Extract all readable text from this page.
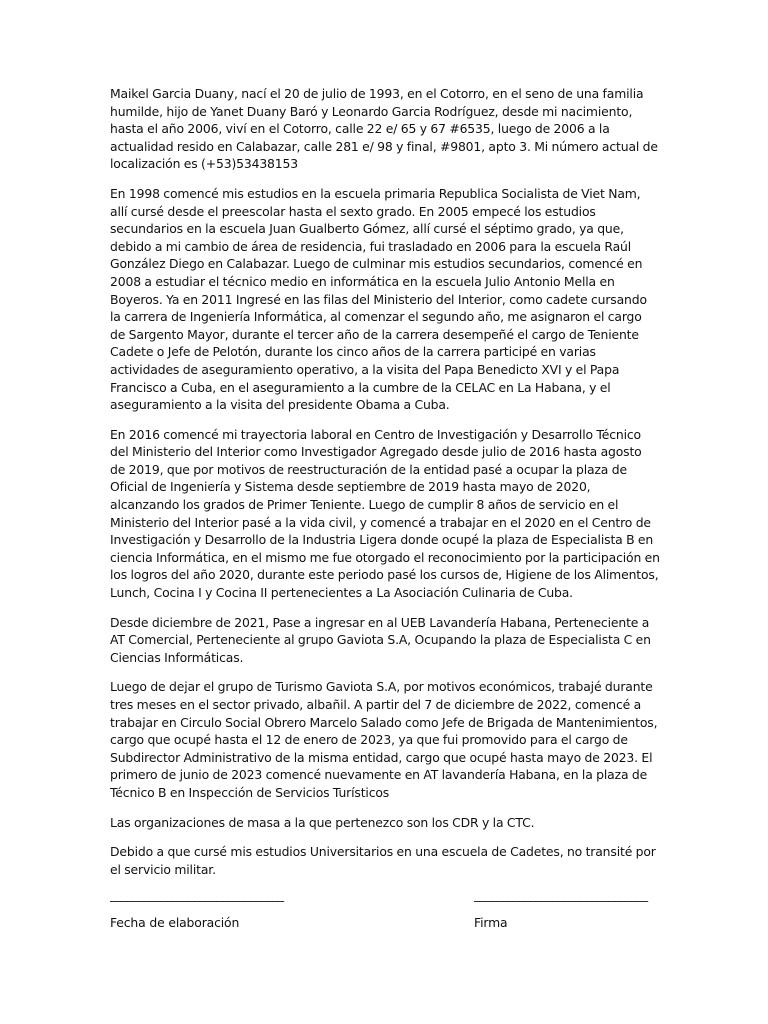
Maikel Garcia Duany, nací el 20 de julio de 1993, en el Cotorro, en el seno de una familia humilde, hijo de Yanet Duany Baró y Leonardo Garcia Rodríguez, desde mi nacimiento, hasta el año 2006, viví en el Cotorro, calle 22 e/ 65 y 67 #6535, luego de 2006 a la actualidad resido en Calabazar, calle 281 e/ 98 y final, #9801, apto 3. Mi número actual de localización es (+53)53438153

En 1998 comencé mis estudios en la escuela primaria Republica Socialista de Viet Nam, allí cursé desde el preescolar hasta el sexto grado. En 2005 empecé los estudios secundarios en la escuela Juan Gualberto Gómez, allí cursé el séptimo grado, ya que, debido a mi cambio de área de residencia, fui trasladado en 2006 para la escuela Raúl González Diego en Calabazar. Luego de culminar mis estudios secundarios, comencé en 2008 a estudiar el técnico medio en informática en la escuela Julio Antonio Mella en Boyeros. Ya en 2011 Ingresé en las filas del Ministerio del Interior, como cadete cursando la carrera de Ingeniería Informática, al comenzar el segundo año, me asignaron el cargo de Sargento Mayor, durante el tercer año de la carrera desempeñé el cargo de Teniente Cadete o Jefe de Pelotón, durante los cinco años de la carrera participé en varias actividades de aseguramiento operativo, a la visita del Papa Benedicto XVI y el Papa Francisco a Cuba, en el aseguramiento a la cumbre de la CELAC en La Habana, y el aseguramiento a la visita del presidente Obama a Cuba.

En 2016 comencé mi trayectoria laboral en Centro de Investigación y Desarrollo Técnico del Ministerio del Interior como Investigador Agregado desde julio de 2016 hasta agosto de 2019, que por motivos de reestructuración de la entidad pasé a ocupar la plaza de Oficial de Ingeniería y Sistema desde septiembre de 2019 hasta mayo de 2020, alcanzando los grados de Primer Teniente. Luego de cumplir 8 años de servicio en el Ministerio del Interior pasé a la vida civil, y comencé a trabajar en el 2020 en el Centro de Investigación y Desarrollo de la Industria Ligera donde ocupé la plaza de Especialista B en ciencia Informática, en el mismo me fue otorgado el reconocimiento por la participación en los logros del año 2020, durante este periodo pasé los cursos de, Higiene de los Alimentos, Lunch, Cocina I y Cocina II pertenecientes a La Asociación Culinaria de Cuba.

Desde diciembre de 2021, Pase a ingresar en al UEB Lavandería Habana, Perteneciente a AT Comercial, Perteneciente al grupo Gaviota S.A, Ocupando la plaza de Especialista C en Ciencias Informáticas.

Luego de dejar el grupo de Turismo Gaviota S.A, por motivos económicos, trabajé durante tres meses en el sector privado, albañil. A partir del 7 de diciembre de 2022, comencé a trabajar en Circulo Social Obrero Marcelo Salado como Jefe de Brigada de Mantenimientos, cargo que ocupé hasta el 12 de enero de 2023, ya que fui promovido para el cargo de Subdirector Administrativo de la misma entidad, cargo que ocupé hasta mayo de 2023. El primero de junio de 2023 comencé nuevamente en AT lavandería Habana, en la plaza de Técnico B en Inspección de Servicios Turísticos

Las organizaciones de masa a la que pertenezco son los CDR y la CTC.

Debido a que cursé mis estudios Universitarios en una escuela de Cadetes, no transité por el servicio militar.

_______________________________
Fecha de elaboración
_______________________________
Firma
